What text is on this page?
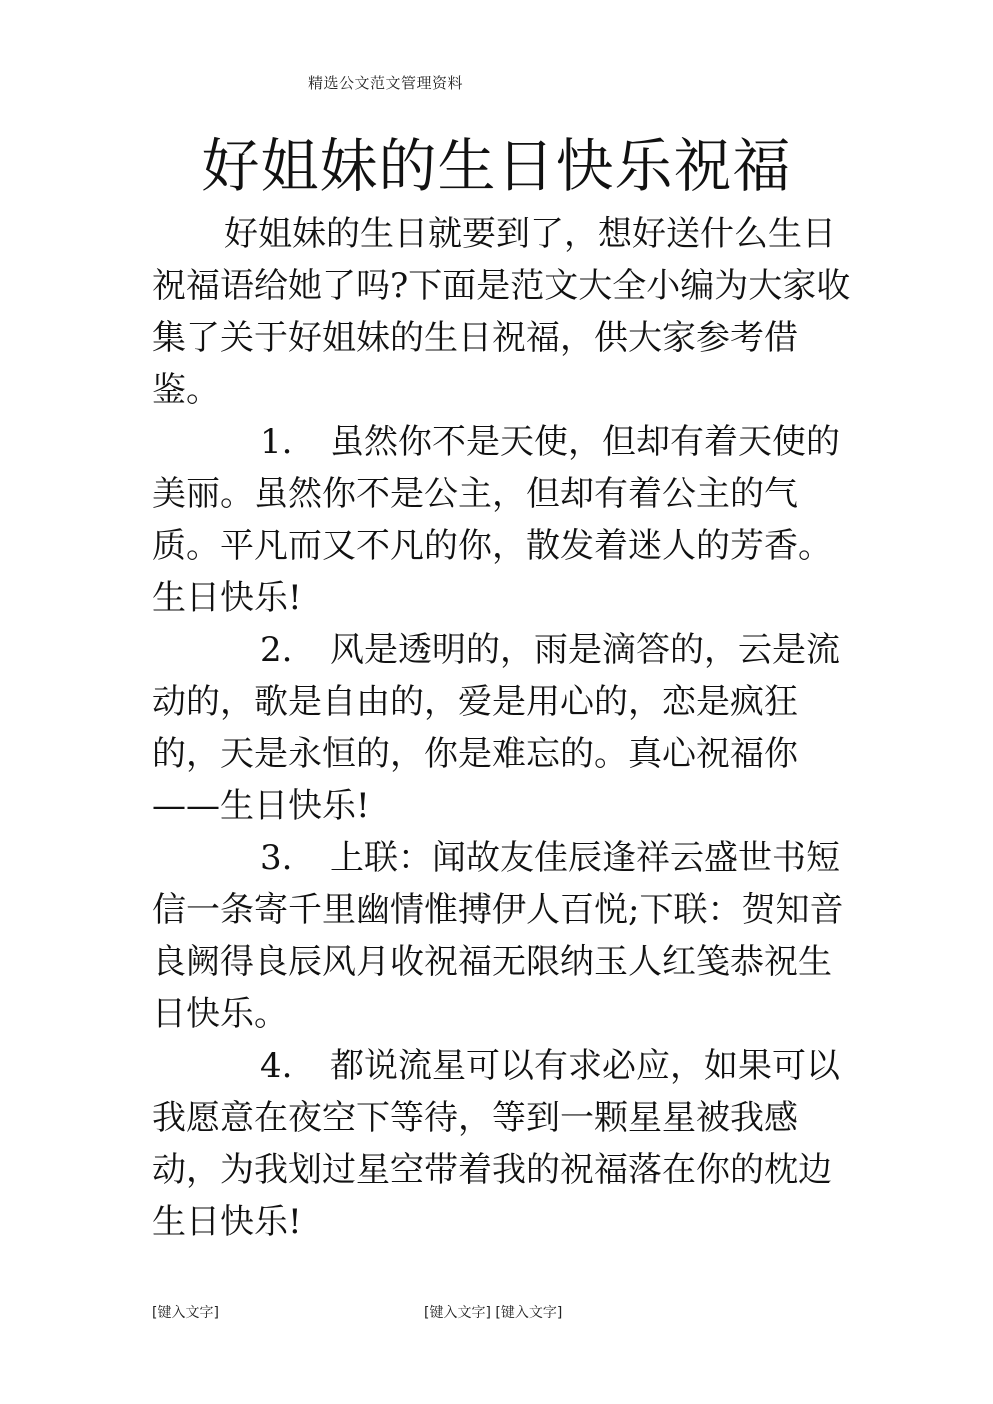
精选公文范文管理资料
好姐妹的生日快乐祝福

好姐妹的生日就要到了，想好送什么生日祝福语给她了吗?下面是范文大全小编为大家收集了关于好姐妹的生日祝福，供大家参考借鉴。

1. 虽然你不是天使，但却有着天使的美丽。虽然你不是公主，但却有着公主的气质。平凡而又不凡的你，散发着迷人的芳香。生日快乐!

2. 风是透明的，雨是滴答的，云是流动的，歌是自由的，爱是用心的，恋是疯狂的，天是永恒的，你是难忘的。真心祝福你——生日快乐!

3. 上联：闻故友佳辰逢祥云盛世书短信一条寄千里幽情惟搏伊人百悦;下联：贺知音良阙得良辰风月收祝福无限纳玉人红笺恭祝生日快乐。

4. 都说流星可以有求必应，如果可以我愿意在夜空下等待，等到一颗星星被我感动，为我划过星空带着我的祝福落在你的枕边生日快乐!

[键入文字]	[键入文字] [键入文字]
